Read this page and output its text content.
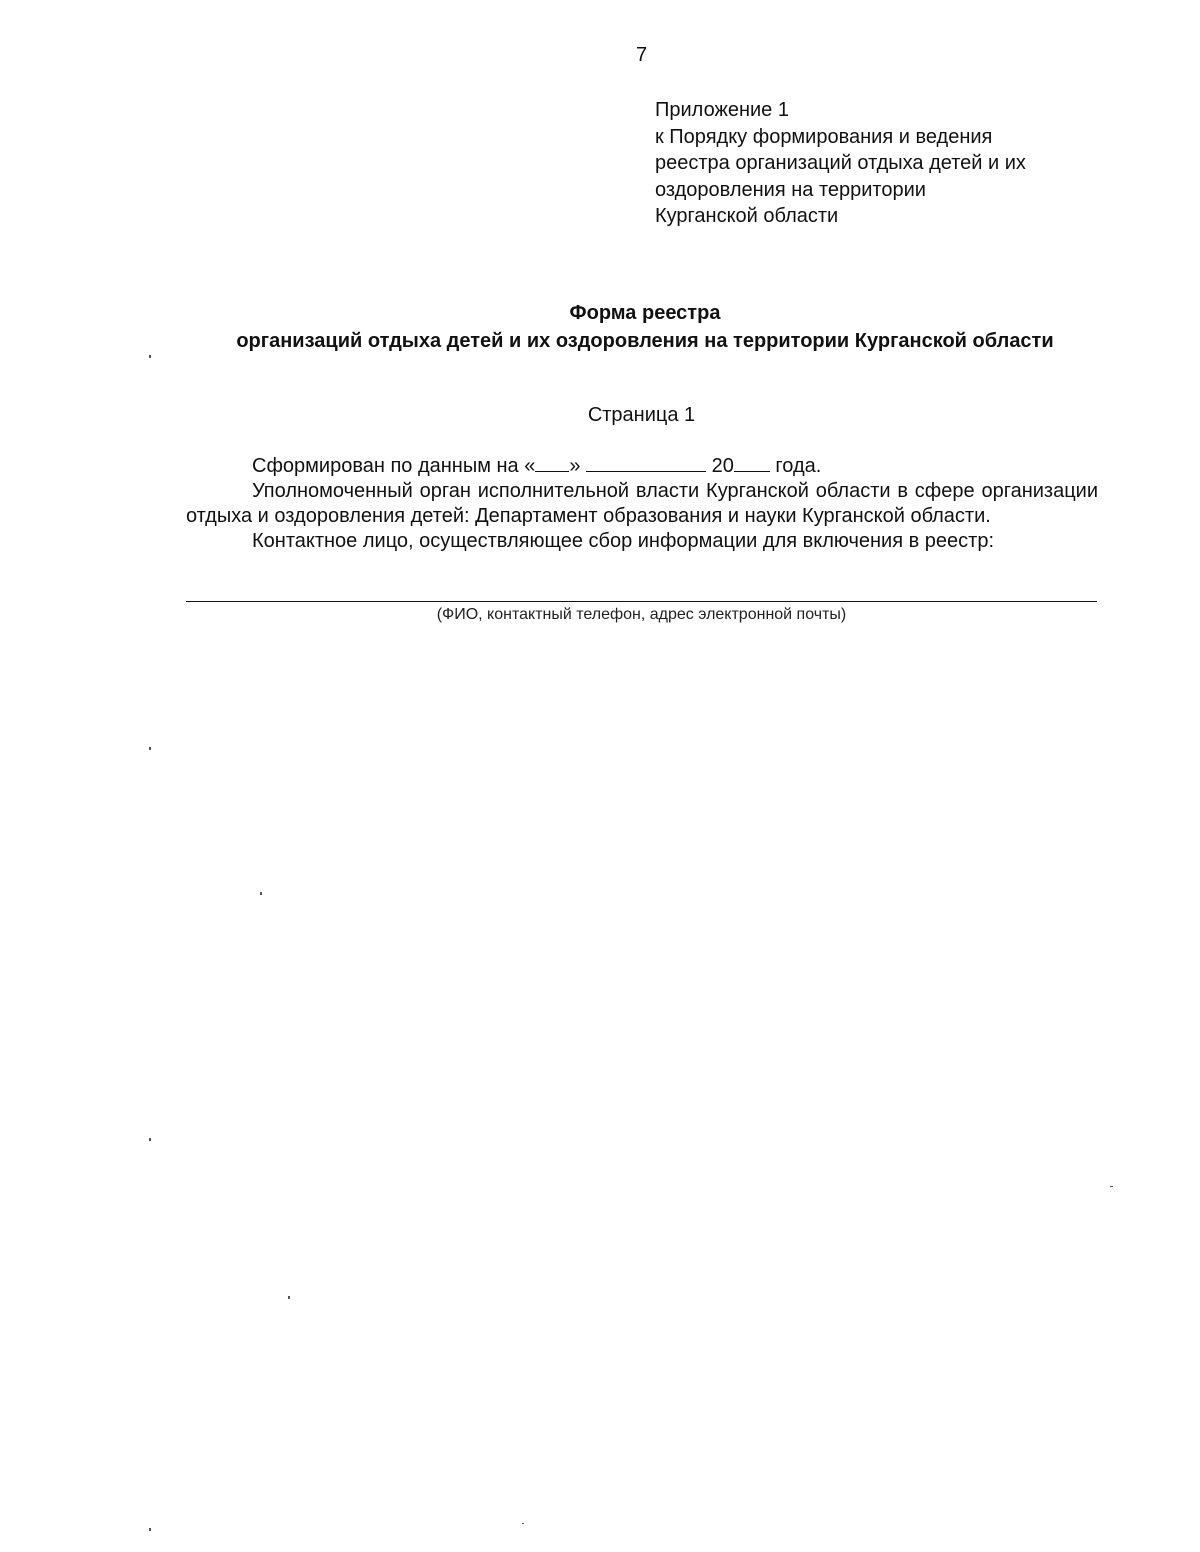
7
Приложение 1
к Порядку формирования и ведения
реестра организаций отдыха детей и их
оздоровления на территории
Курганской области
Форма реестра
организаций отдыха детей и их оздоровления на территории Курганской области
Страница 1

Сформирован по данным на « »	20 года.

Уполномоченный орган исполнительной власти Курганской области в сфере организации отдыха и оздоровления детей: Департамент образования и науки Курганской области.

Контактное лицо, осуществляющее сбор информации для включения в реестр:

(ФИО, контактный телефон, адрес электронной почты)
